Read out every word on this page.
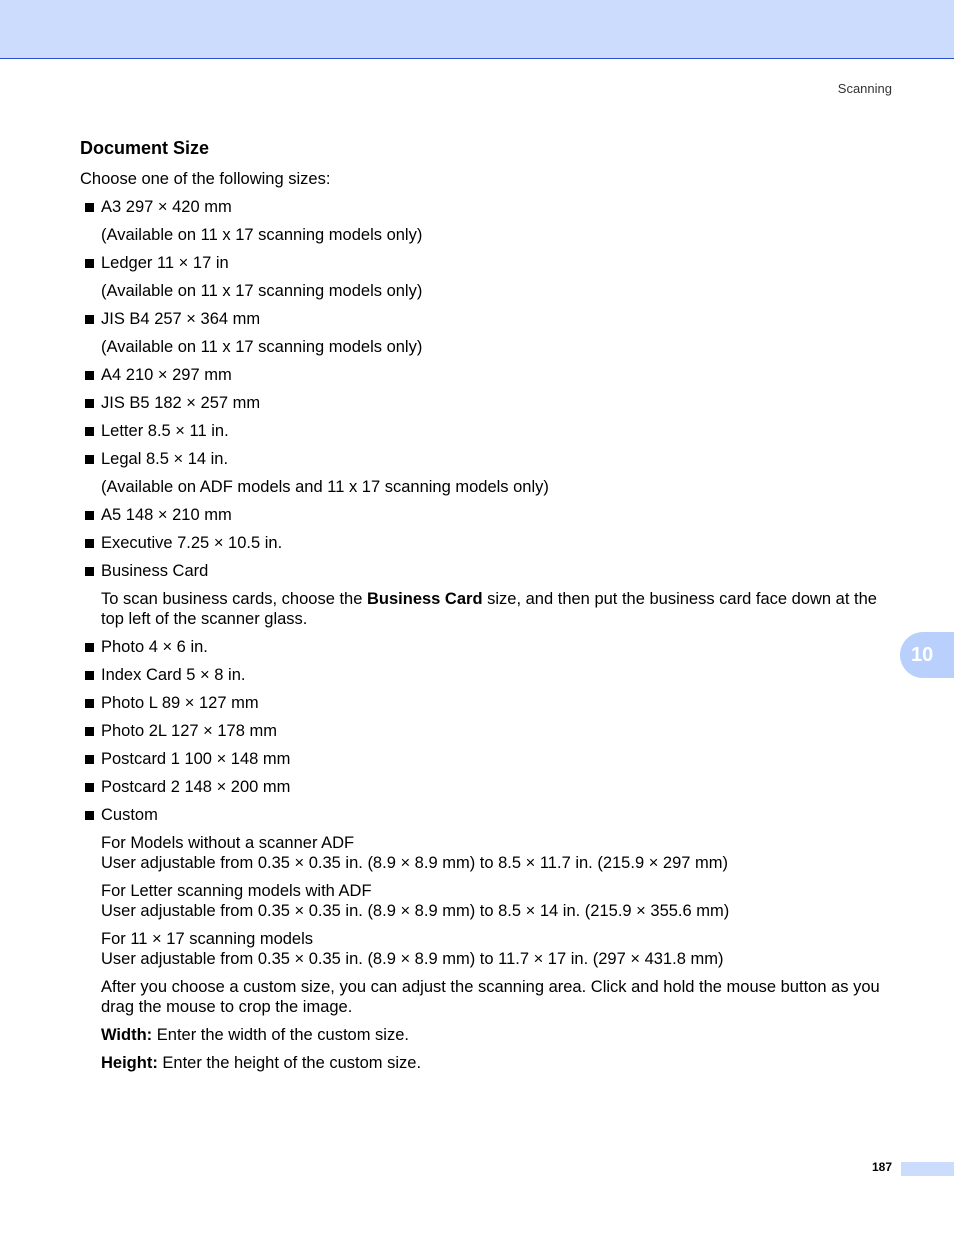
Scanning
Document Size
Choose one of the following sizes:
A3 297 × 420 mm
(Available on 11 x 17 scanning models only)
Ledger 11 × 17 in
(Available on 11 x 17 scanning models only)
JIS B4 257 × 364 mm
(Available on 11 x 17 scanning models only)
A4 210 × 297 mm
JIS B5 182 × 257 mm
Letter 8.5 × 11 in.
Legal 8.5 × 14 in.
(Available on ADF models and 11 x 17 scanning models only)
A5 148 × 210 mm
Executive 7.25 × 10.5 in.
Business Card
To scan business cards, choose the Business Card size, and then put the business card face down at the top left of the scanner glass.
Photo 4 × 6 in.
Index Card 5 × 8 in.
Photo L 89 × 127 mm
Photo 2L 127 × 178 mm
Postcard 1 100 × 148 mm
Postcard 2 148 × 200 mm
Custom
For Models without a scanner ADF
User adjustable from 0.35 × 0.35 in. (8.9 × 8.9 mm) to 8.5 × 11.7 in. (215.9 × 297 mm)
For Letter scanning models with ADF
User adjustable from 0.35 × 0.35 in. (8.9 × 8.9 mm) to 8.5 × 14 in. (215.9 × 355.6 mm)
For 11 × 17 scanning models
User adjustable from 0.35 × 0.35 in. (8.9 × 8.9 mm) to 11.7 × 17 in. (297 × 431.8 mm)
After you choose a custom size, you can adjust the scanning area. Click and hold the mouse button as you drag the mouse to crop the image.
Width: Enter the width of the custom size.
Height: Enter the height of the custom size.
10
187
